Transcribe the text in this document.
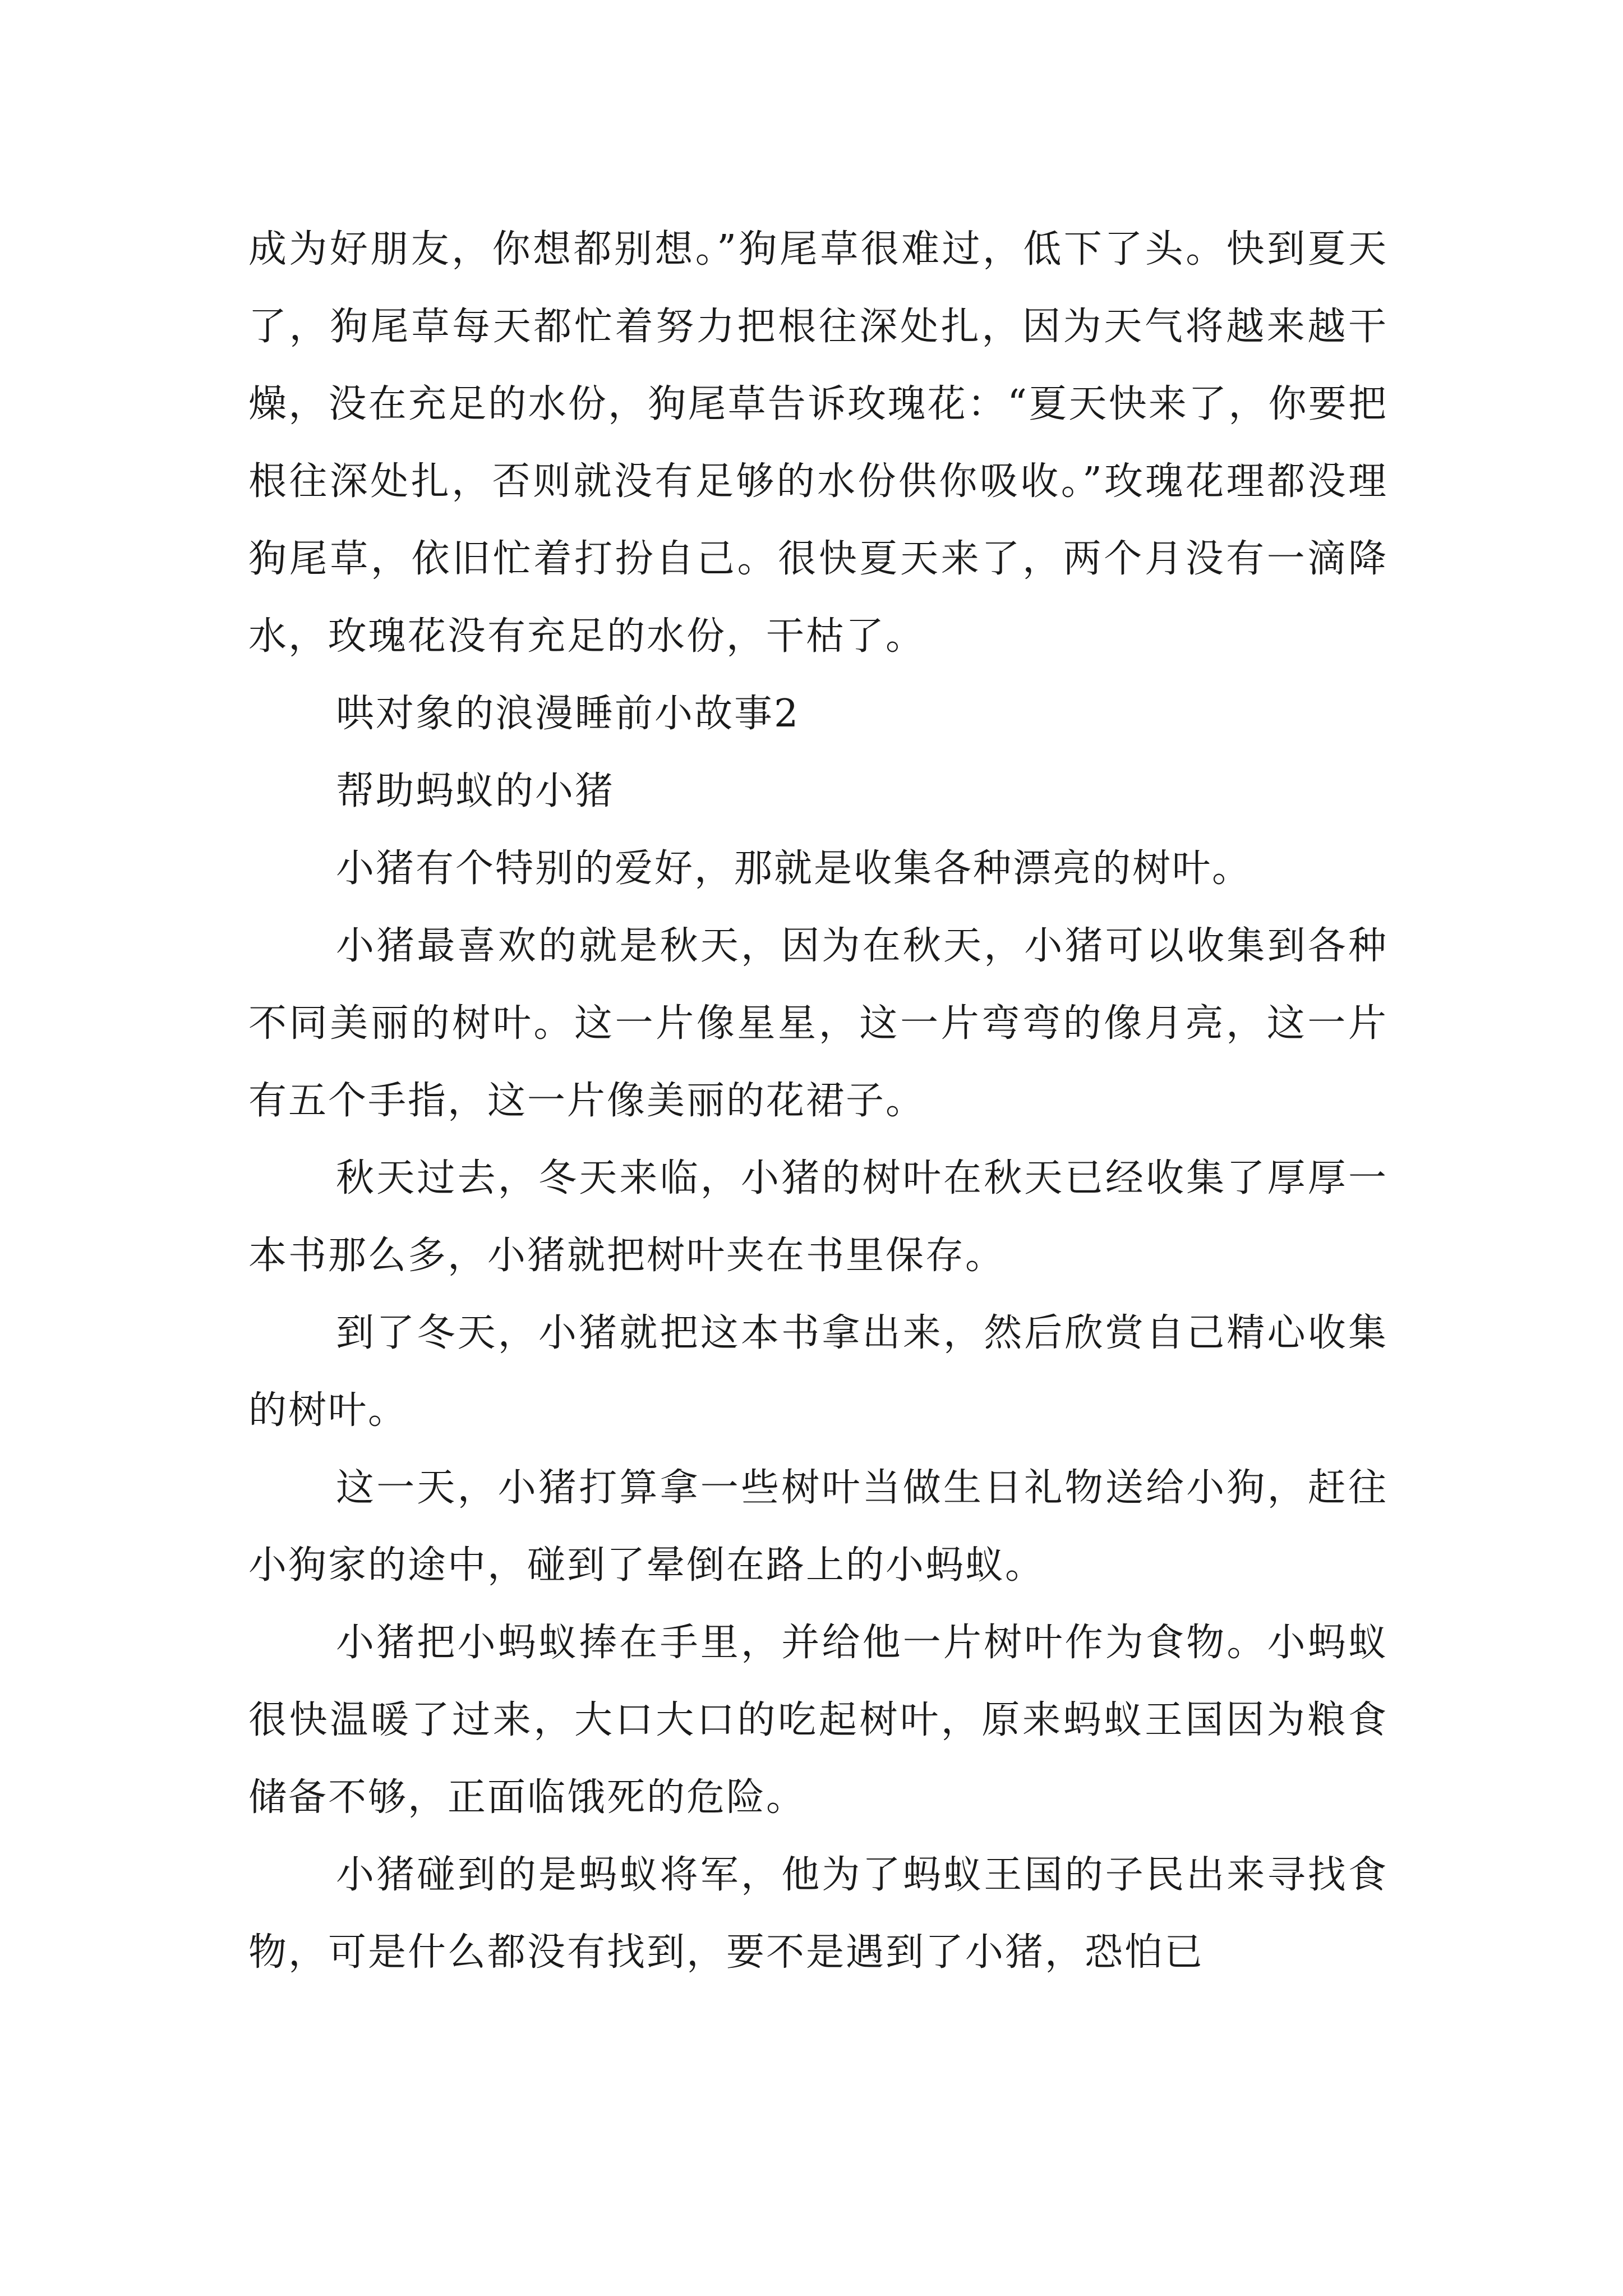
成为好朋友，你想都别想。”狗尾草很难过，低下了头。快到夏天了，狗尾草每天都忙着努力把根往深处扎，因为天气将越来越干燥，没在充足的水份，狗尾草告诉玫瑰花：“夏天快来了，你要把根往深处扎，否则就没有足够的水份供你吸收。”玫瑰花理都没理狗尾草，依旧忙着打扮自己。很快夏天来了，两个月没有一滴降水，玫瑰花没有充足的水份，干枯了。

哄对象的浪漫睡前小故事2

帮助蚂蚁的小猪

小猪有个特别的爱好，那就是收集各种漂亮的树叶。

小猪最喜欢的就是秋天，因为在秋天，小猪可以收集到各种不同美丽的树叶。这一片像星星，这一片弯弯的像月亮，这一片有五个手指，这一片像美丽的花裙子。

秋天过去，冬天来临，小猪的树叶在秋天已经收集了厚厚一本书那么多，小猪就把树叶夹在书里保存。

到了冬天，小猪就把这本书拿出来，然后欣赏自己精心收集的树叶。

这一天，小猪打算拿一些树叶当做生日礼物送给小狗，赶往小狗家的途中，碰到了晕倒在路上的小蚂蚁。

小猪把小蚂蚁捧在手里，并给他一片树叶作为食物。小蚂蚁很快温暖了过来，大口大口的吃起树叶，原来蚂蚁王国因为粮食储备不够，正面临饿死的危险。

小猪碰到的是蚂蚁将军，他为了蚂蚁王国的子民出来寻找食物，可是什么都没有找到，要不是遇到了小猪，恐怕已
